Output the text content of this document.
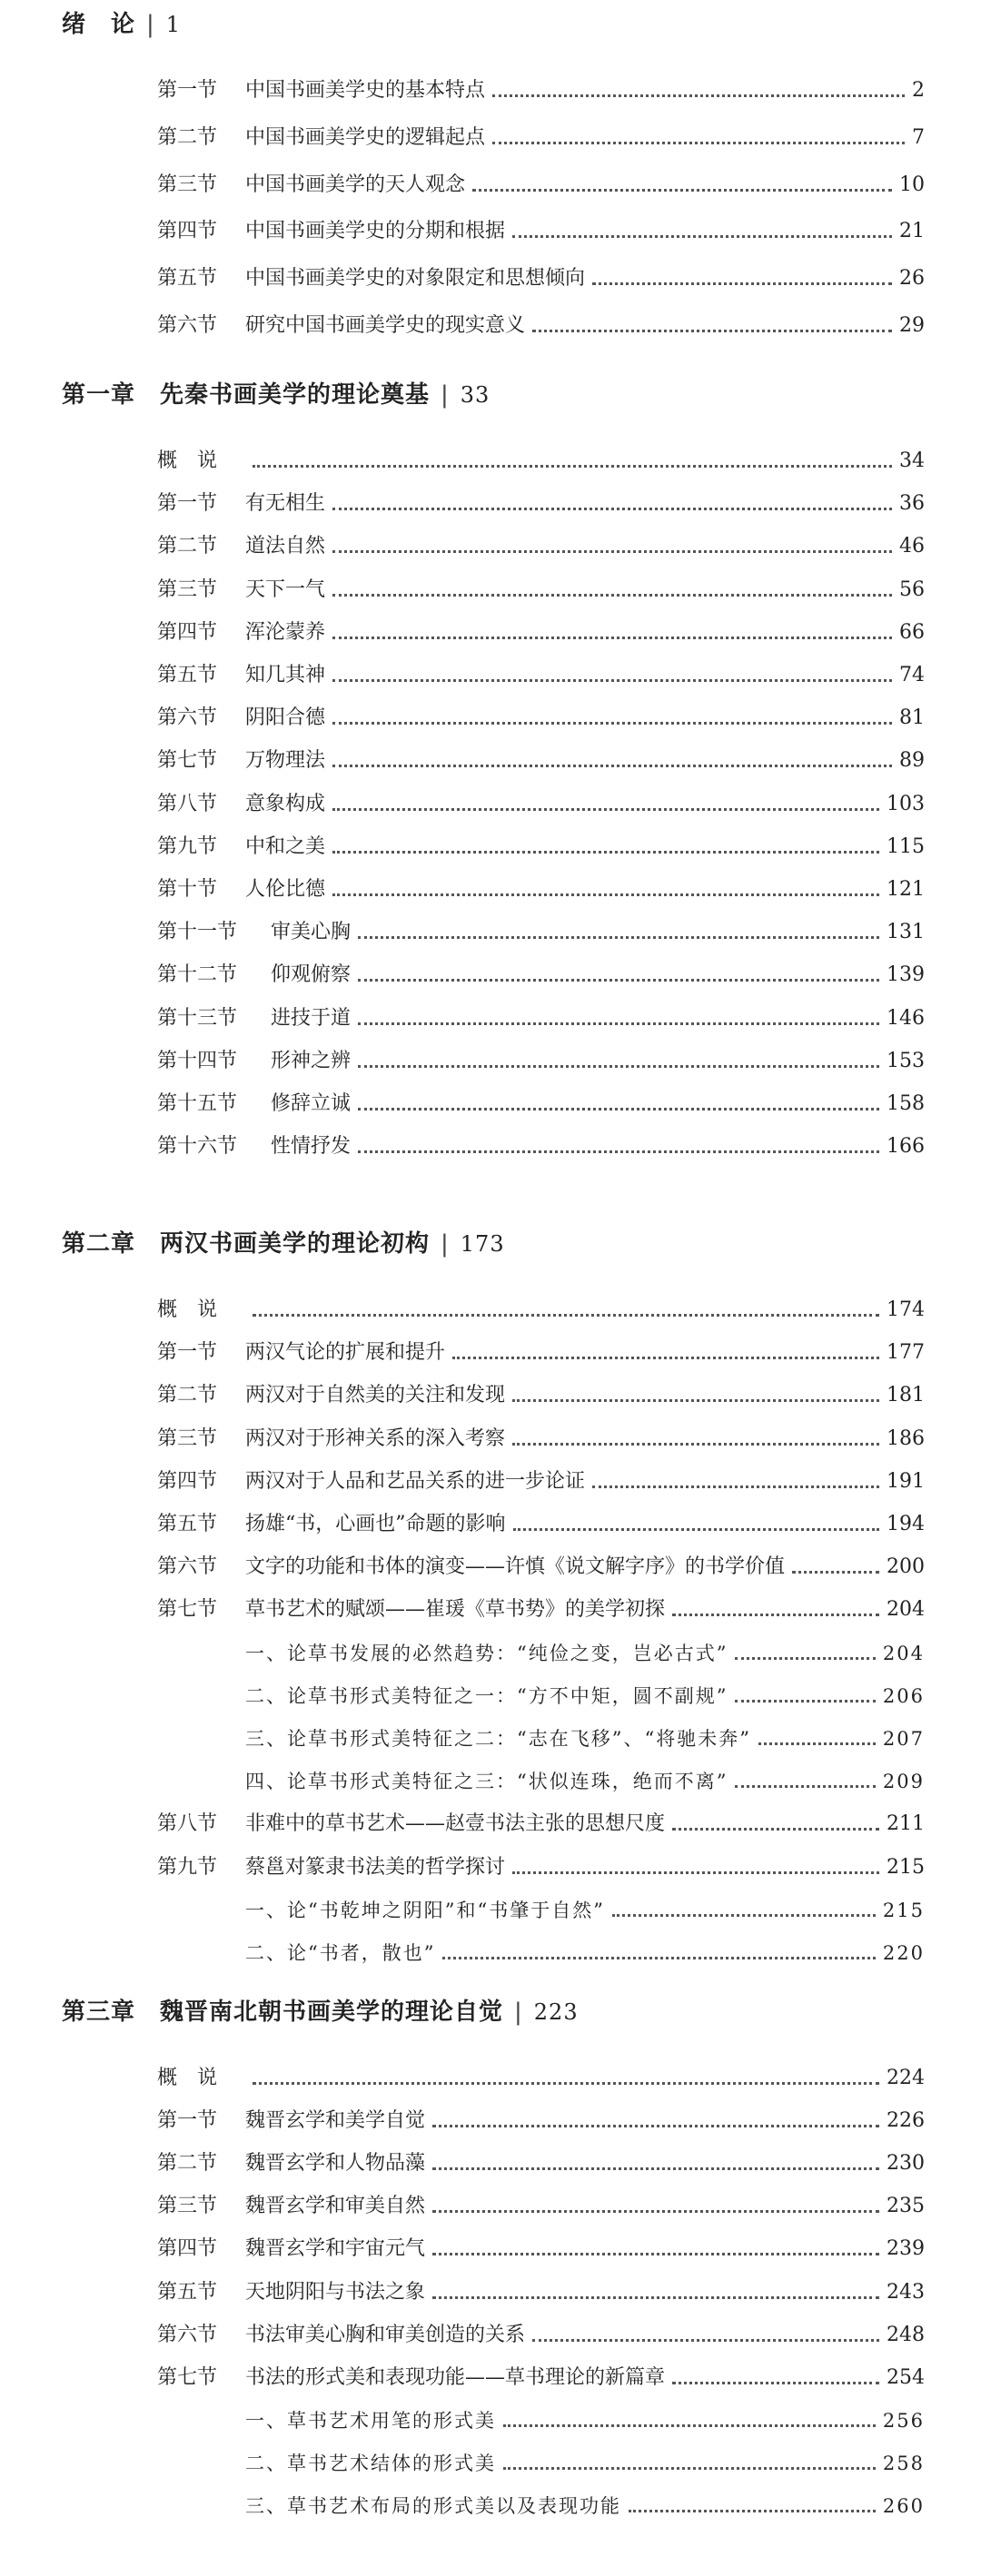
绪　论 | 1
第一节	中国书画美学史的基本特点	2
第二节	中国书画美学史的逻辑起点	7
第三节	中国书画美学的天人观念	10
第四节	中国书画美学史的分期和根据	21
第五节	中国书画美学史的对象限定和思想倾向	26
第六节	研究中国书画美学史的现实意义	29
第一章　先秦书画美学的理论奠基 | 33
概　说	34
第一节	有无相生	36
第二节	道法自然	46
第三节	天下一气	56
第四节	浑沦蒙养	66
第五节	知几其神	74
第六节	阴阳合德	81
第七节	万物理法	89
第八节	意象构成	103
第九节	中和之美	115
第十节	人伦比德	121
第十一节	审美心胸	131
第十二节	仰观俯察	139
第十三节	进技于道	146
第十四节	形神之辨	153
第十五节	修辞立诚	158
第十六节	性情抒发	166
第二章　两汉书画美学的理论初构 | 173
概　说	174
第一节	两汉气论的扩展和提升	177
第二节	两汉对于自然美的关注和发现	181
第三节	两汉对于形神关系的深入考察	186
第四节	两汉对于人品和艺品关系的进一步论证	191
第五节	扬雄“书，心画也”命题的影响	194
第六节	文字的功能和书体的演变——许慎《说文解字序》的书学价值	200
第七节	草书艺术的赋颂——崔瑗《草书势》的美学初探	204
一、论草书发展的必然趋势：“纯俭之变，岂必古式”	204
二、论草书形式美特征之一：“方不中矩，圆不副规”	206
三、论草书形式美特征之二：“志在飞移”、“将驰未奔”	207
四、论草书形式美特征之三：“状似连珠，绝而不离”	209
第八节	非难中的草书艺术——赵壹书法主张的思想尺度	211
第九节	蔡邕对篆隶书法美的哲学探讨	215
一、论“书乾坤之阴阳”和“书肇于自然”	215
二、论“书者，散也”	220
第三章　魏晋南北朝书画美学的理论自觉 | 223
概　说	224
第一节	魏晋玄学和美学自觉	226
第二节	魏晋玄学和人物品藻	230
第三节	魏晋玄学和审美自然	235
第四节	魏晋玄学和宇宙元气	239
第五节	天地阴阳与书法之象	243
第六节	书法审美心胸和审美创造的关系	248
第七节	书法的形式美和表现功能——草书理论的新篇章	254
一、草书艺术用笔的形式美	256
二、草书艺术结体的形式美	258
三、草书艺术布局的形式美以及表现功能	260
